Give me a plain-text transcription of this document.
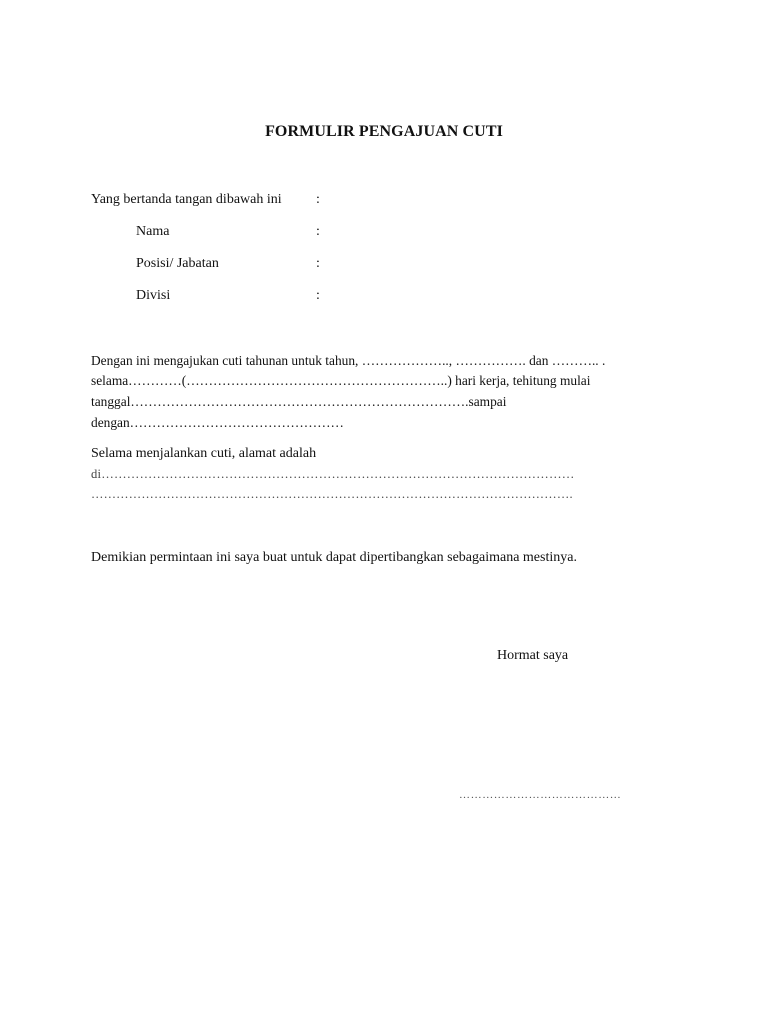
FORMULIR PENGAJUAN CUTI
Yang bertanda tangan dibawah ini :
Nama	:
Posisi/ Jabatan	:
Divisi	:
Dengan ini mengajukan cuti tahunan untuk tahun, ……………….., ……………. dan ……….. .
selama…………(…………………………………………………..) hari kerja, tehitung mulai
tanggal………………………………………………………………….sampai
dengan…………………………………………
Selama menjalankan cuti, alamat adalah
di…………………………………………………………………………………………………
…………………………………………………………………………………………………….
Demikian permintaan ini saya buat untuk dapat dipertibangkan sebagaimana mestinya.
Hormat saya
……………………………………
